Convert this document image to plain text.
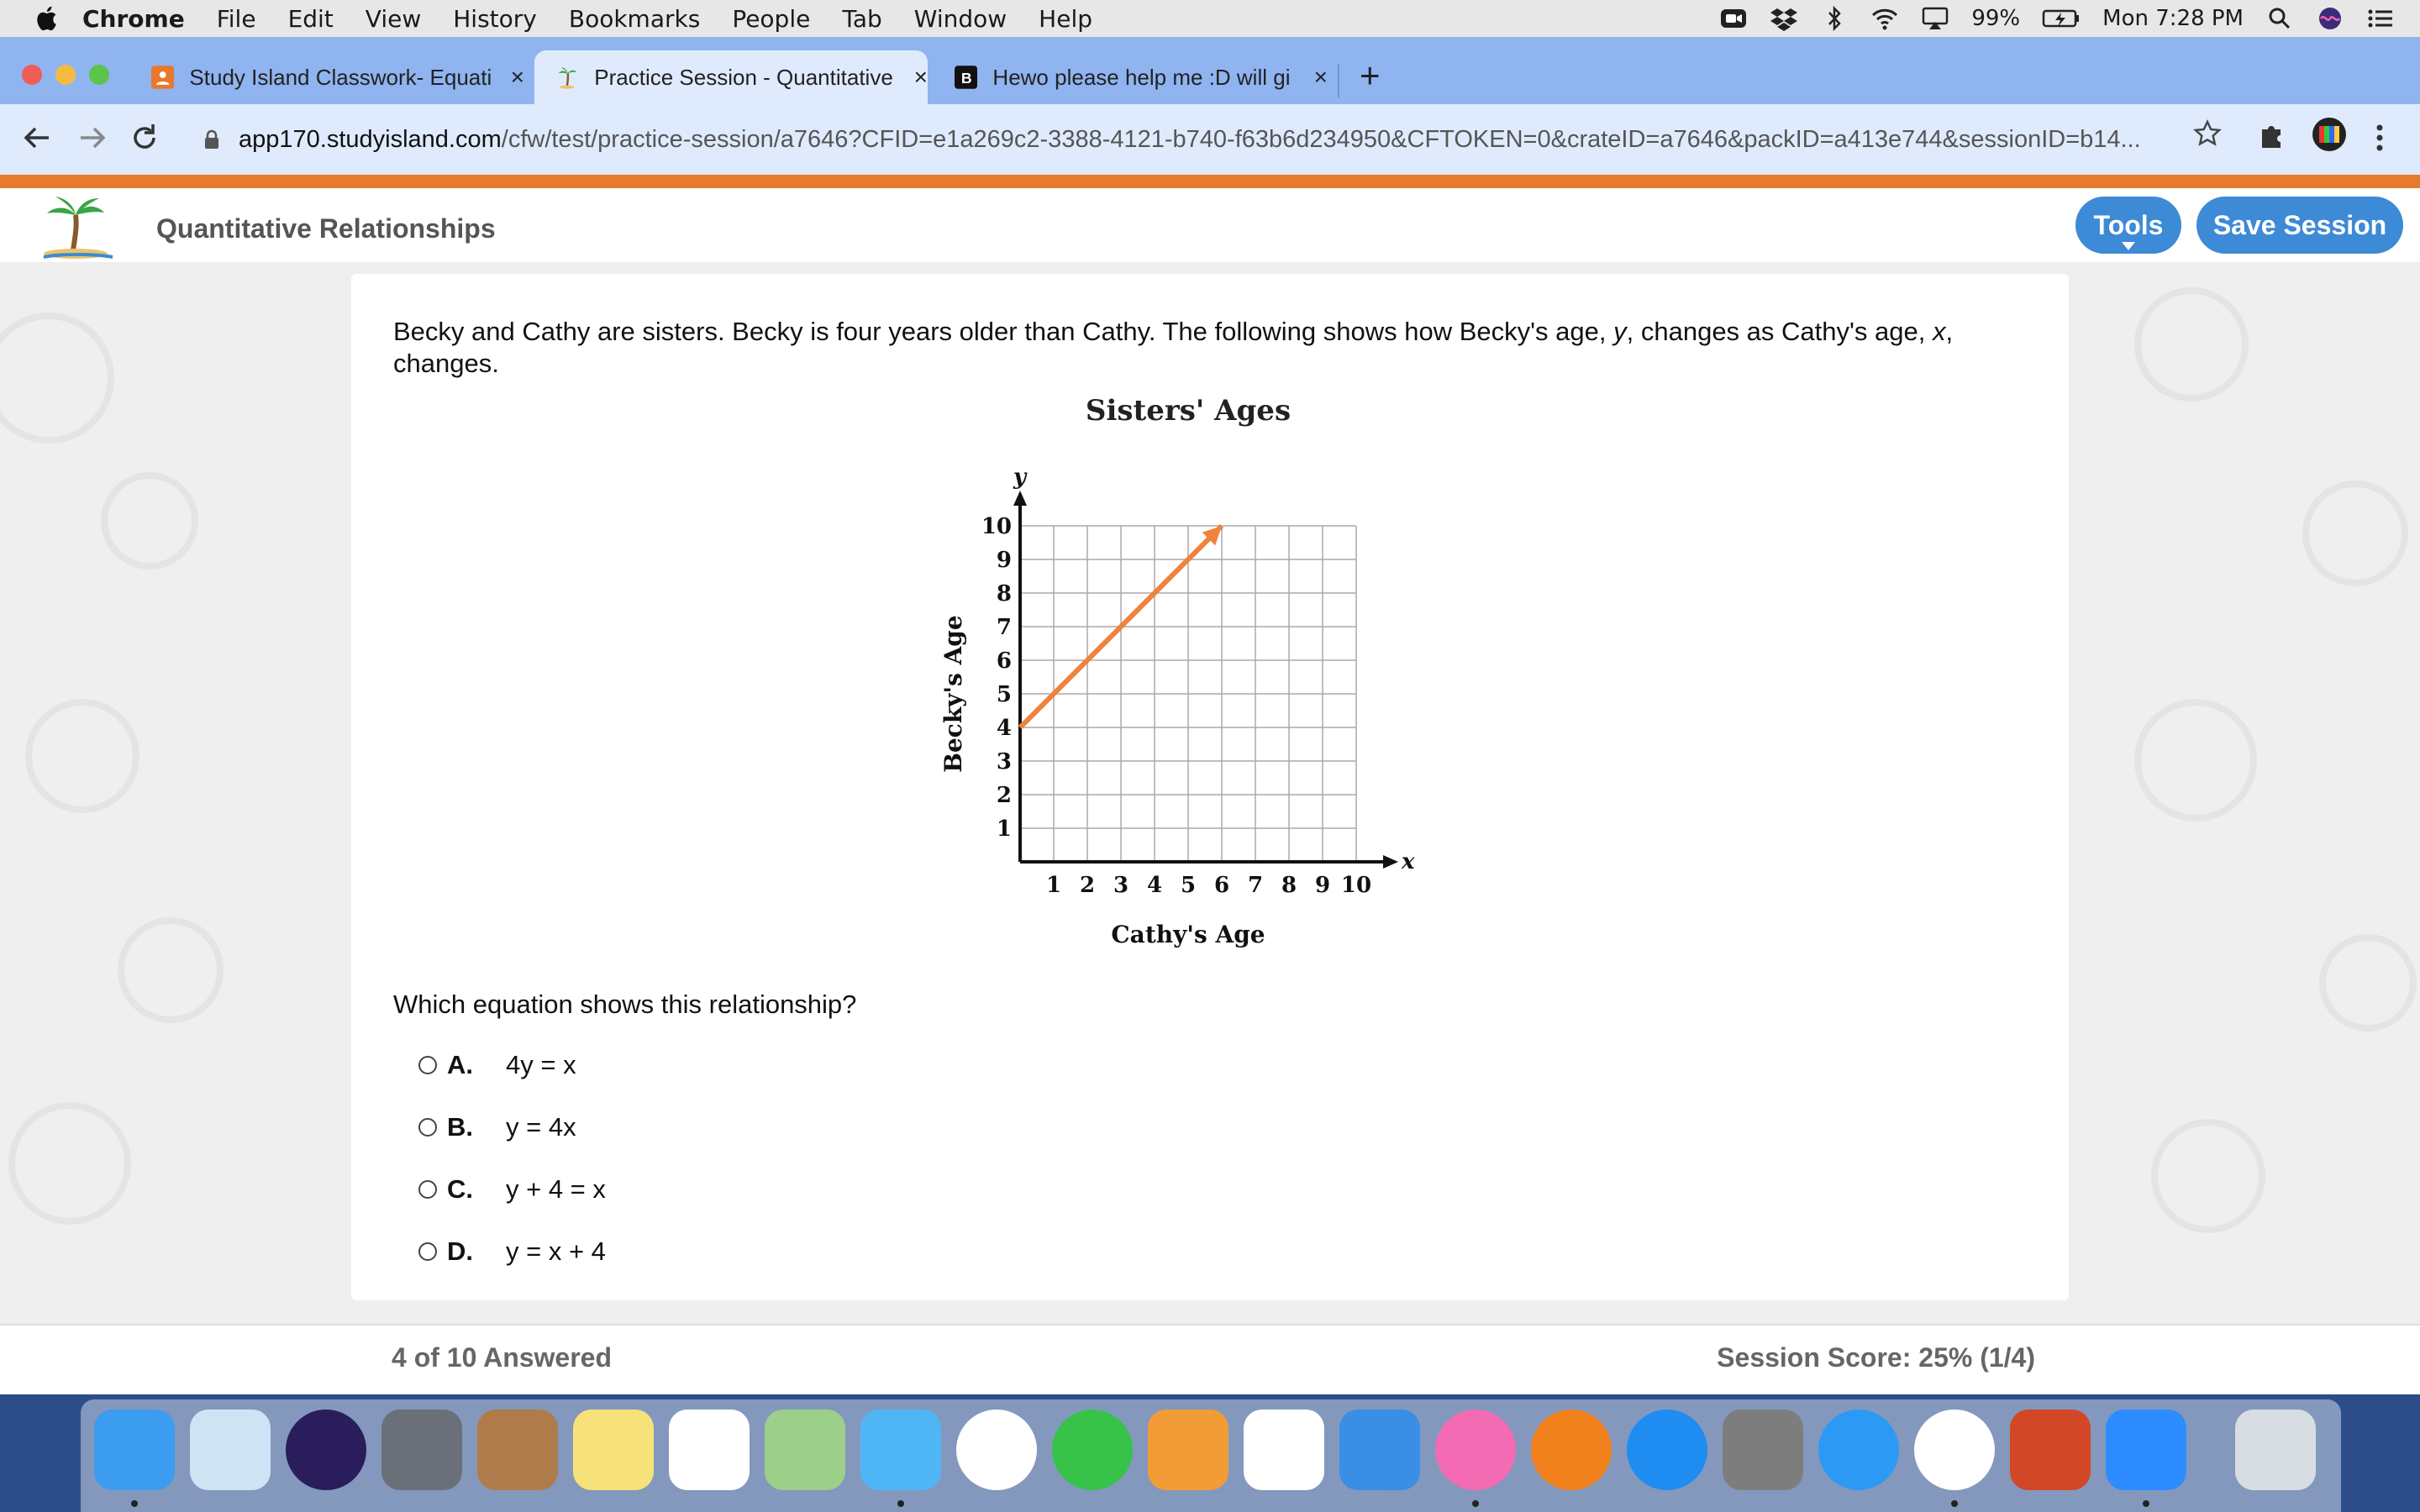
Chrome File Edit View History Bookmarks People Tab Window Help	99%	Mon 7:28 PM
Study Island Classwork- Equati ×	Practice Session - Quantitative × B Hewo please help me :D will gi	× +
app170.studyisland.com /cfw/test/practice-session/a7646?CFID=e1a269c2-3388-4121-b740-f63b6d234950&CFTOKEN=0&crateID=a7646&packID=a413e744&sessionID=b14...
Quantitative Relationships	Tools Save Session
Becky and Cathy are sisters. Becky is four years older than Cathy. The following shows how Becky's age, y, changes as Cathy's age, x, changes.
Sisters' Ages
x
y
1 2 3 4 5 6 7 8 9 10
1
2
3
4
5
6
7
8
9
10
Cathy's Age
Becky's Age
Which equation shows this relationship?
A.	4y = x
B.	y = 4x
C.	y + 4 = x
D.	y = x + 4
4 of 10 Answered	Session Score: 25% (1/4)
